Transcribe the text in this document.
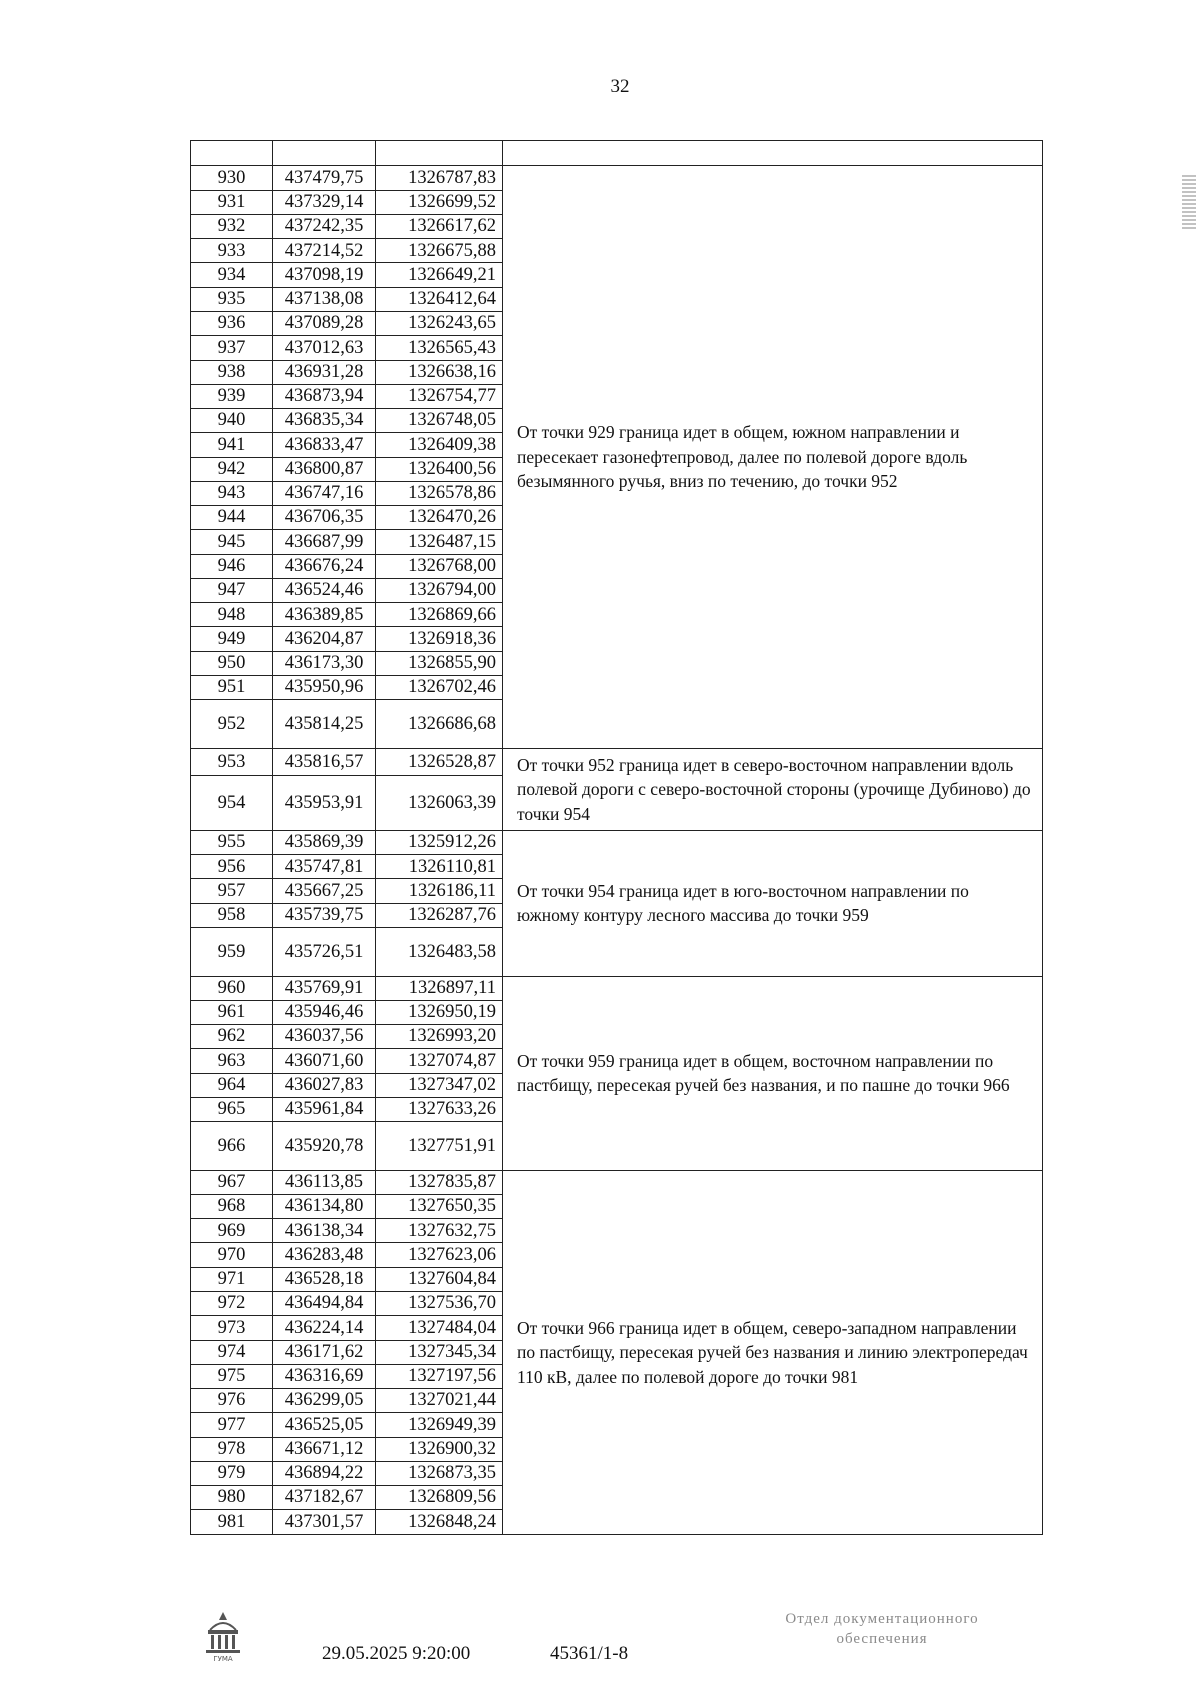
32

930	437479,75	1326787,83	От точки 929 граница идет в общем, южном направлении и пересекает газонефтепровод, далее по полевой дороге вдоль безымянного ручья, вниз по течению, до точки 952
931	437329,14	1326699,52	
932	437242,35	1326617,62	
933	437214,52	1326675,88	
934	437098,19	1326649,21	
935	437138,08	1326412,64	
936	437089,28	1326243,65	
937	437012,63	1326565,43	
938	436931,28	1326638,16	
939	436873,94	1326754,77	
940	436835,34	1326748,05	
941	436833,47	1326409,38	
942	436800,87	1326400,56	
943	436747,16	1326578,86	
944	436706,35	1326470,26	
945	436687,99	1326487,15	
946	436676,24	1326768,00	
947	436524,46	1326794,00	
948	436389,85	1326869,66	
949	436204,87	1326918,36	
950	436173,30	1326855,90	
951	435950,96	1326702,46	
952	435814,25	1326686,68	
953	435816,57	1326528,87	От точки 952 граница идет в северо-восточном направлении вдоль полевой дороги с северо-восточной стороны (урочище Дубиново) до точки 954
954	435953,91	1326063,39	
955	435869,39	1325912,26	От точки 954 граница идет в юго-восточном направлении по южному контуру лесного массива до точки 959
956	435747,81	1326110,81	
957	435667,25	1326186,11	
958	435739,75	1326287,76	
959	435726,51	1326483,58	
960	435769,91	1326897,11	От точки 959 граница идет в общем, восточном направлении по пастбищу, пересекая ручей без названия, и по пашне до точки 966
961	435946,46	1326950,19	
962	436037,56	1326993,20	
963	436071,60	1327074,87	
964	436027,83	1327347,02	
965	435961,84	1327633,26	
966	435920,78	1327751,91	
967	436113,85	1327835,87	От точки 966 граница идет в общем, северо-западном направлении по пастбищу, пересекая ручей без названия и линию электропередач 110 кВ, далее по полевой дороге до точки 981
968	436134,80	1327650,35	
969	436138,34	1327632,75	
970	436283,48	1327623,06	
971	436528,18	1327604,84	
972	436494,84	1327536,70	
973	436224,14	1327484,04	
974	436171,62	1327345,34	
975	436316,69	1327197,56	
976	436299,05	1327021,44	
977	436525,05	1326949,39	
978	436671,12	1326900,32	
979	436894,22	1326873,35	
980	437182,67	1326809,56	
981	437301,57	1326848,24	
ГУМА	29.05.2025 9:20:00	45361/1-8
Отдел документационного
обеспечения
